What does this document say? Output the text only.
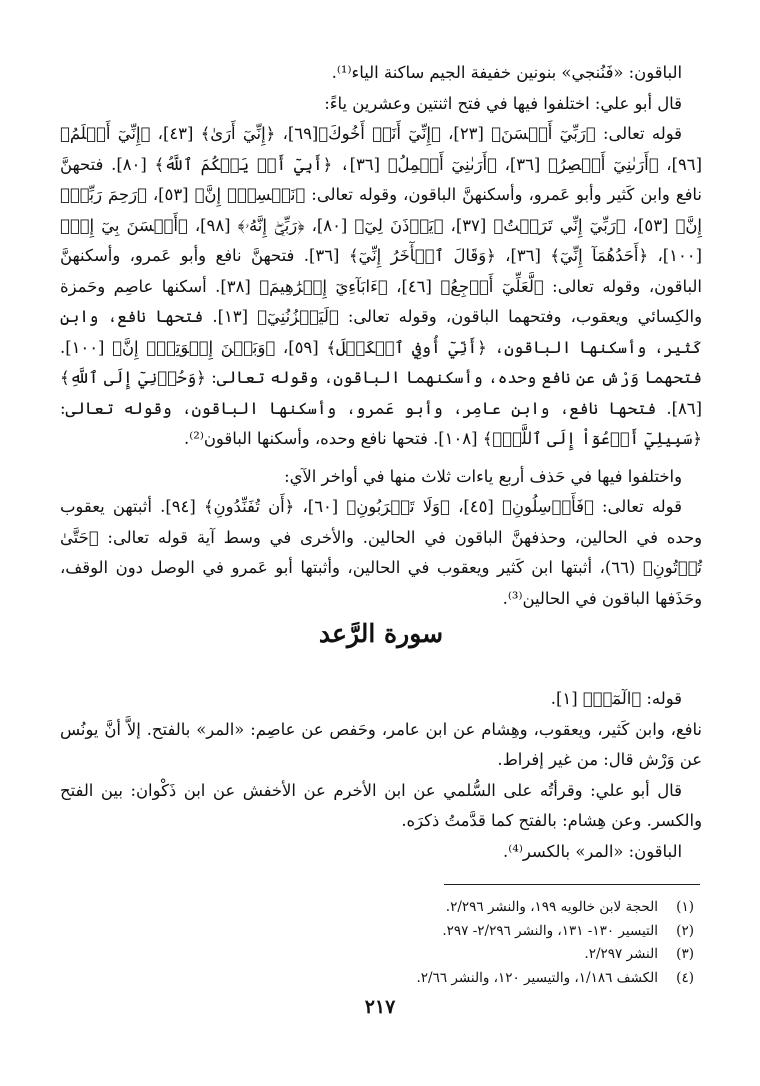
الباقون: «فَنُنجي» بنونين خفيفة الجيم ساكنة الياء⁽¹⁾.

قال أبو علي: اختلفوا فيها في فتح اثنتين وعشرين ياءً:

قوله تعالى: ﴿رَبِّيٓ أَحۡسَنَ﴾ [٢٣]، ﴿إِنِّيٓ أَنَا۠ أَخُوكَ﴾[٦٩]، ﴿إِنِّيٓ أَرَىٰ﴾ [٤٣]، ﴿إِنِّيٓ أَعۡلَمُ﴾ [٩٦]، ﴿أَرَىٰنِيٓ أَعۡصِرُ﴾ [٣٦]، ﴿أَرَىٰنِيٓ أَحۡمِلُ﴾ [٣٦]، ﴿أَبِيٓ أَوۡ يَحۡكُمَ ٱللَّهُ﴾ [٨٠]. فتحهنَّ نافع وابن كَثير وأبو عَمرو، وأسكنهنَّ الباقون، وقوله تعالى: ﴿نَفۡسِيٓۚ إِنَّ﴾ [٥٣]، ﴿رَحِمَ رَبِّيٓۚ إِنَّ﴾ [٥٣]، ﴿رَبِّيٓ إِنِّي تَرَكۡتُ﴾ [٣٧]، ﴿يَأۡذَنَ لِيٓ﴾ [٨٠]، ﴿رَبِّيٓۖ إِنَّهُۥ﴾ [٩٨]، ﴿أَحۡسَنَ بِيٓ إِذۡ﴾ [١٠٠]، ﴿أَحَدُهُمَآ إِنِّيٓ﴾ [٣٦]، ﴿وَقَالَ ٱلۡأٓخَرُ إِنِّيٓ﴾ [٣٦]. فتحهنَّ نافع وأبو عَمرو، وأسكنهنَّ الباقون، وقوله تعالى: ﴿لَّعَلِّيٓ أَرۡجِعُ﴾ [٤٦]، ﴿ءَابَآءِيٓ إِبۡرَٰهِيمَ﴾ [٣٨]. أسكنها عاصِم وحَمزة والكِسائي ويعقوب، وفتحهما الباقون، وقوله تعالى: ﴿لَيَحۡزُنُنِيٓ﴾ [١٣]. فتحها نافع، وابن كَثير، وأسكنها الباقون، ﴿أَنِّيٓ أُوفِي ٱلۡكَيۡلَ﴾ [٥٩]، ﴿وَبَيۡنَ إِخۡوَتِيٓۚ إِنَّ﴾ [١٠٠]. فتحهما وَرْش عن نافع وحده، وأسكنهما الباقون، وقوله تعالى: ﴿وَحُزۡنِيٓ إِلَى ٱللَّهِ﴾ [٨٦]. فتحها نافع، وابن عامِر، وأبو عَمرو، وأسكنها الباقون، وقوله تعالى: ﴿سَبِيلِيٓ أَدۡعُوٓاْ إِلَى ٱللَّهِۚ﴾ [١٠٨]. فتحها نافع وحده، وأسكنها الباقون⁽²⁾.

واختلفوا فيها في حَذف أربع ياءات ثلاث منها في أواخر الآي:

قوله تعالى: ﴿فَأَرۡسِلُونِ﴾ [٤٥]، ﴿وَلَا تَقۡرَبُونِ﴾ [٦٠]، ﴿أَن تُفَنِّدُونِ﴾ [٩٤]. أثبتهن يعقوب وحده في الحالين، وحذفهنَّ الباقون في الحالين. والأخرى في وسط آية قوله تعالى: ﴿حَتَّىٰ تُؤۡتُونِ﴾ (٦٦)، أثبتها ابن كَثير ويعقوب في الحالين، وأثبتها أبو عَمرو في الوصل دون الوقف، وحَذَفها الباقون في الحالين⁽³⁾.

سورة الرَّعد

قوله: ﴿الٓمٓرۚ﴾ [١].

نافع، وابن كَثير، ويعقوب، وهِشام عن ابن عامر، وحَفص عن عاصِم: «المر» بالفتح. إلاَّ أنَّ يونُس عن وَرْش قال: من غير إفراط.

قال أبو علي: وقرأتُه على السُّلمي عن ابن الأخرم عن الأخفش عن ابن ذَكْوان: بين الفتح والكسر. وعن هِشام: بالفتح كما قدَّمتُ ذكرَه.

الباقون: «المر» بالكسر⁽⁴⁾.

(١)
الحجة لابن خالويه ١٩٩، والنشر ٢/٢٩٦.
(٢)
التيسير ١٣٠- ١٣١، والنشر ٢/٢٩٦- ٢٩٧.
(٣)
النشر ٢/٢٩٧.
(٤)
الكشف ١/١٨٦، والتيسير ١٢٠، والنشر ٢/٦٦.
٢١٧
